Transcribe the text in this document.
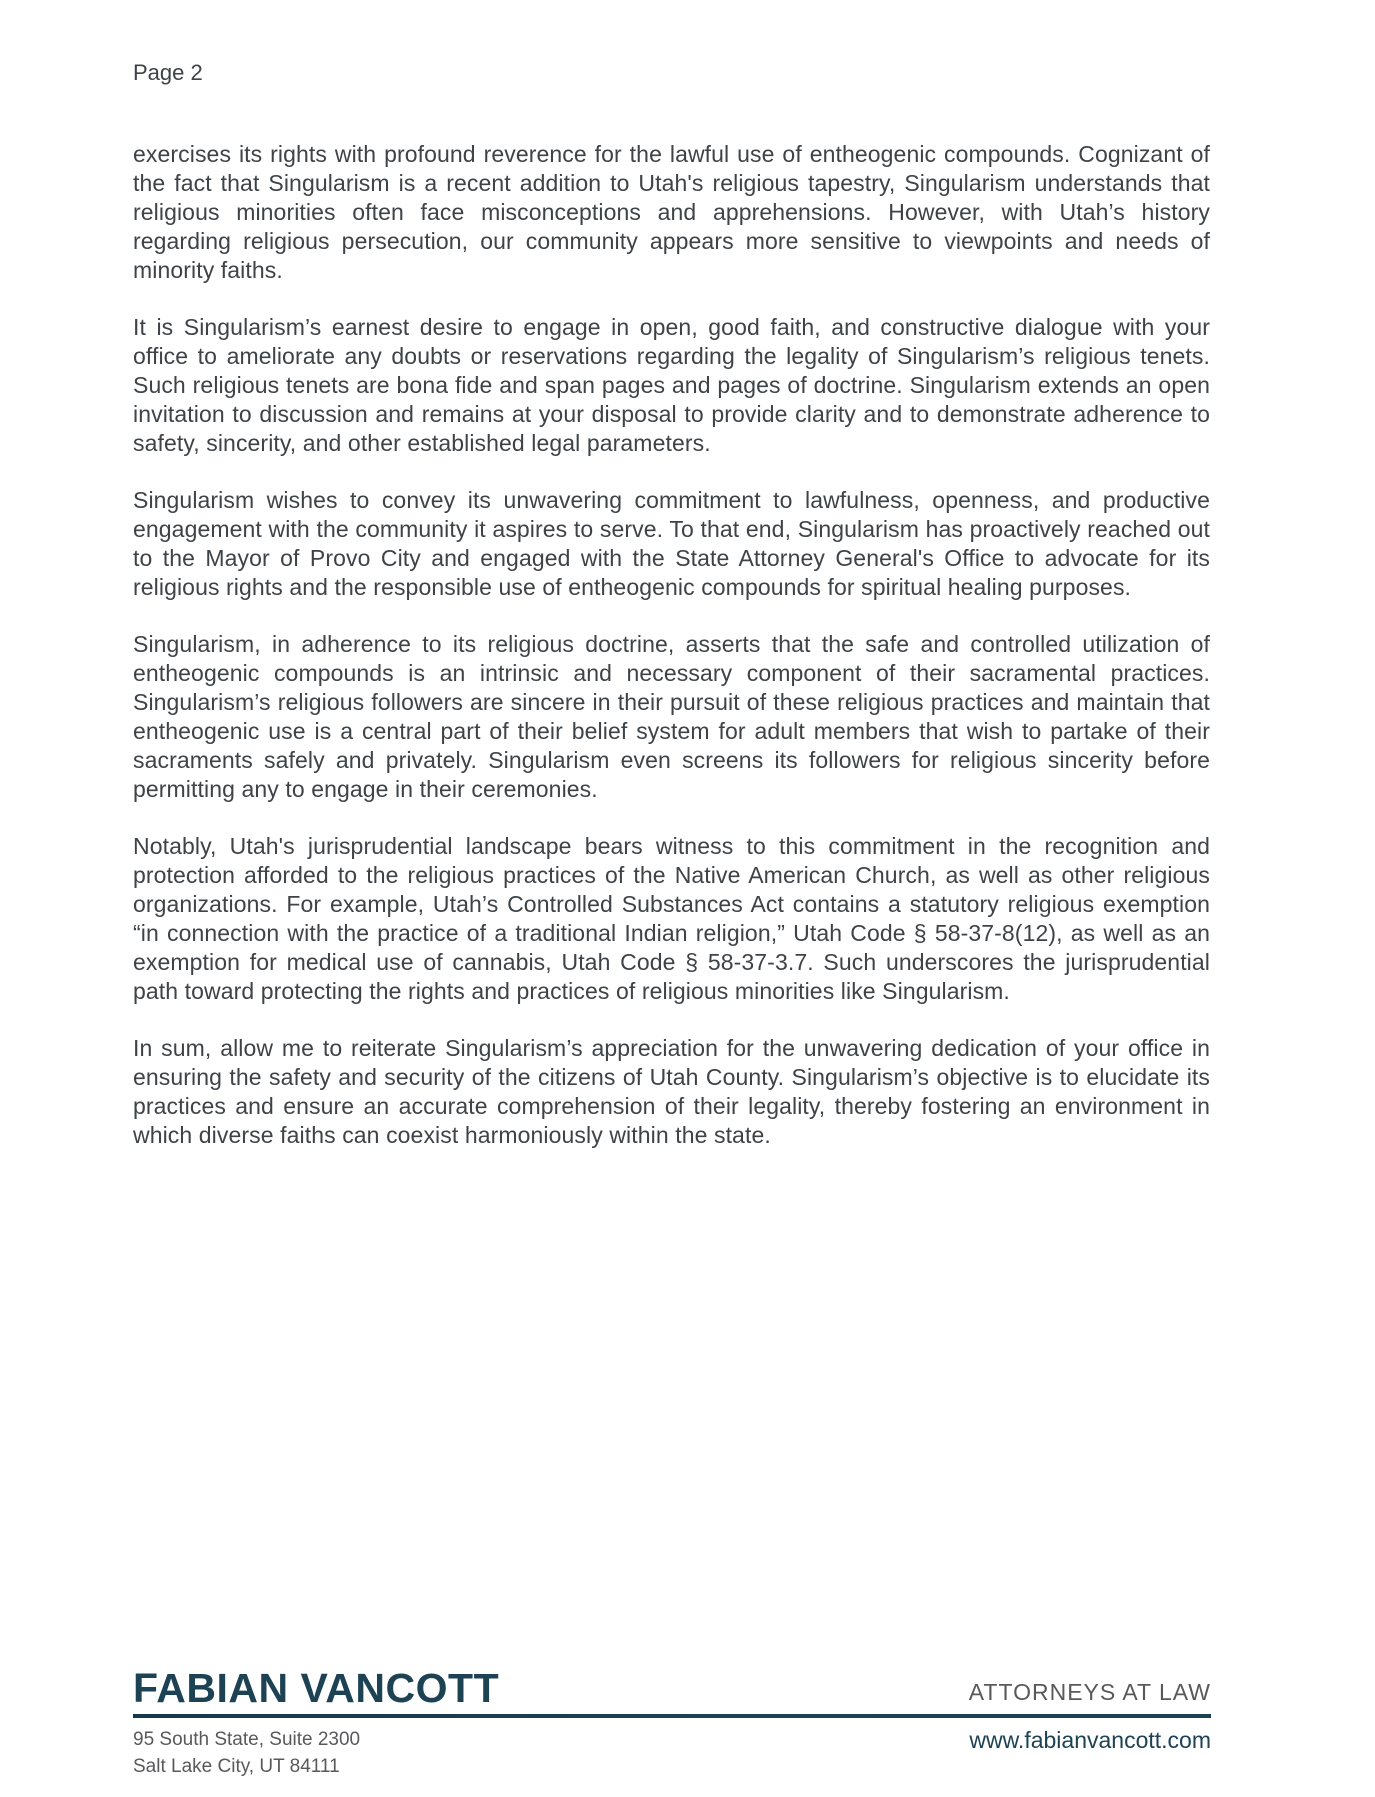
Page 2

exercises its rights with profound reverence for the lawful use of entheogenic compounds. Cognizant of the fact that Singularism is a recent addition to Utah's religious tapestry, Singularism understands that religious minorities often face misconceptions and apprehensions. However, with Utah’s history regarding religious persecution, our community appears more sensitive to viewpoints and needs of minority faiths.

It is Singularism’s earnest desire to engage in open, good faith, and constructive dialogue with your office to ameliorate any doubts or reservations regarding the legality of Singularism’s religious tenets. Such religious tenets are bona fide and span pages and pages of doctrine. Singularism extends an open invitation to discussion and remains at your disposal to provide clarity and to demonstrate adherence to safety, sincerity, and other established legal parameters.

Singularism wishes to convey its unwavering commitment to lawfulness, openness, and productive engagement with the community it aspires to serve. To that end, Singularism has proactively reached out to the Mayor of Provo City and engaged with the State Attorney General's Office to advocate for its religious rights and the responsible use of entheogenic compounds for spiritual healing purposes.

Singularism, in adherence to its religious doctrine, asserts that the safe and controlled utilization of entheogenic compounds is an intrinsic and necessary component of their sacramental practices. Singularism’s religious followers are sincere in their pursuit of these religious practices and maintain that entheogenic use is a central part of their belief system for adult members that wish to partake of their sacraments safely and privately. Singularism even screens its followers for religious sincerity before permitting any to engage in their ceremonies.

Notably, Utah's jurisprudential landscape bears witness to this commitment in the recognition and protection afforded to the religious practices of the Native American Church, as well as other religious organizations. For example, Utah’s Controlled Substances Act contains a statutory religious exemption “in connection with the practice of a traditional Indian religion,” Utah Code § 58-37-8(12), as well as an exemption for medical use of cannabis, Utah Code § 58-37-3.7. Such underscores the jurisprudential path toward protecting the rights and practices of religious minorities like Singularism.

In sum, allow me to reiterate Singularism’s appreciation for the unwavering dedication of your office in ensuring the safety and security of the citizens of Utah County. Singularism’s objective is to elucidate its practices and ensure an accurate comprehension of their legality, thereby fostering an environment in which diverse faiths can coexist harmoniously within the state.

FABIAN VANCOTT	ATTORNEYS AT LAW
95 South State, Suite 2300
Salt Lake City, UT 84111
www.fabianvancott.com
